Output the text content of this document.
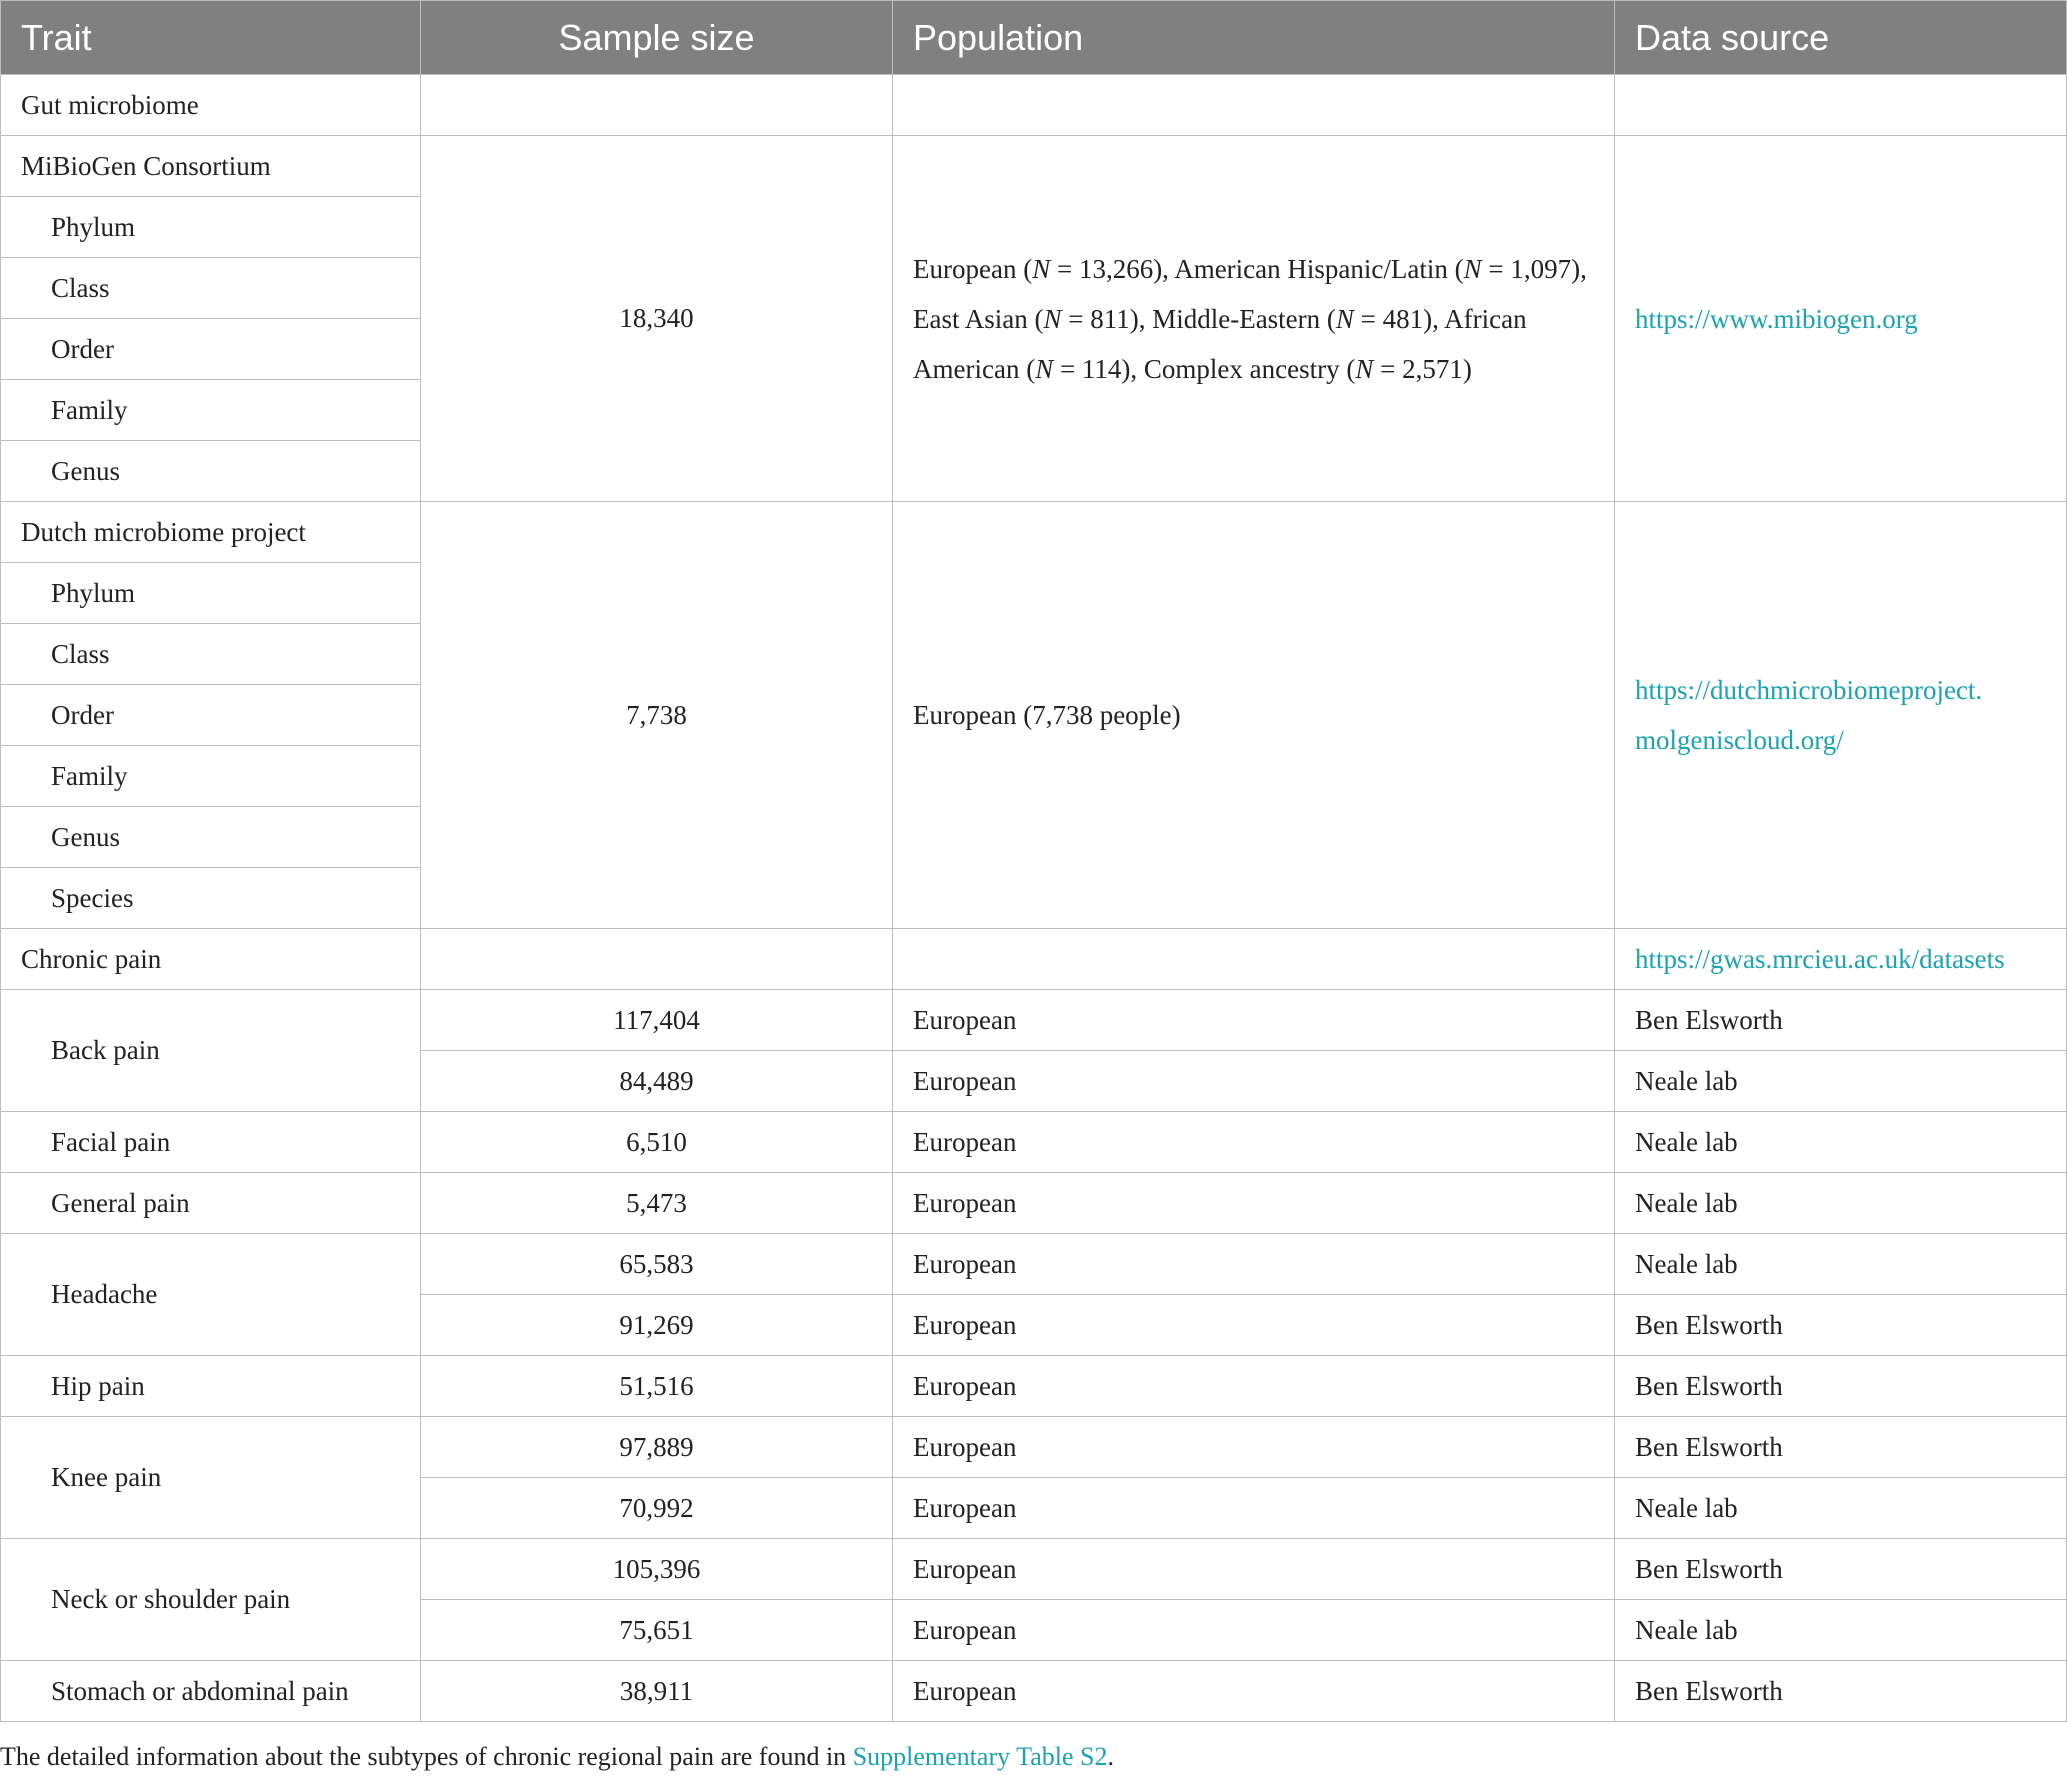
Trait	Sample size	Population	Data source
Gut microbiome			
MiBioGen Consortium	18,340	European (N = 13,266), American Hispanic/Latin (N = 1,097), East Asian (N = 811), Middle-Eastern (N = 481), African American (N = 114), Complex ancestry (N = 2,571)	https://www.mibiogen.org
Phylum			
Class			
Order			
Family			
Genus			
Dutch microbiome project	7,738	European (7,738 people)	https://dutchmicrobiomeproject.
molgeniscloud.org/
Phylum			
Class			
Order			
Family			
Genus			
Species			
Chronic pain			https://gwas.mrcieu.ac.uk/datasets
Back pain	117,404	European	Ben Elsworth
	84,489	European	Neale lab
Facial pain	6,510	European	Neale lab
General pain	5,473	European	Neale lab
Headache	65,583	European	Neale lab
	91,269	European	Ben Elsworth
Hip pain	51,516	European	Ben Elsworth
Knee pain	97,889	European	Ben Elsworth
	70,992	European	Neale lab
Neck or shoulder pain	105,396	European	Ben Elsworth
	75,651	European	Neale lab
Stomach or abdominal pain	38,911	European	Ben Elsworth
The detailed information about the subtypes of chronic regional pain are found in Supplementary Table S2.
